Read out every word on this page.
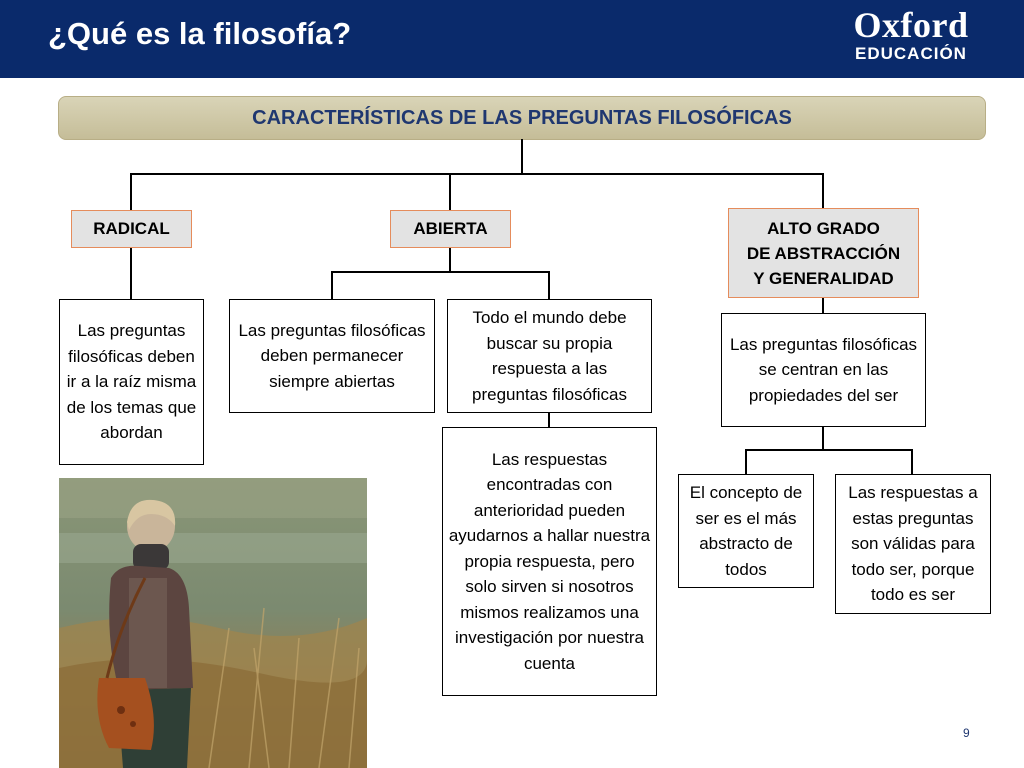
¿Qué es la filosofía?	Oxford
EDUCACIÓN
CARACTERÍSTICAS DE LAS PREGUNTAS FILOSÓFICAS
RADICAL	ABIERTA	ALTO GRADO
DE ABSTRACCIÓN
Y GENERALIDAD
Las preguntas filosóficas deben ir a la raíz misma de los temas que abordan
Las preguntas filosóficas deben permanecer siempre abiertas
Todo el mundo debe buscar su propia respuesta a las preguntas filosóficas
Las respuestas encontradas con anterioridad pueden ayudarnos a hallar nuestra propia respuesta, pero solo sirven si nosotros mismos realizamos una investigación por nuestra cuenta
Las preguntas filosóficas se centran en las propiedades del ser
El concepto de ser es el más abstracto de todos
Las respuestas a estas preguntas son válidas para todo ser, porque todo es ser
9
